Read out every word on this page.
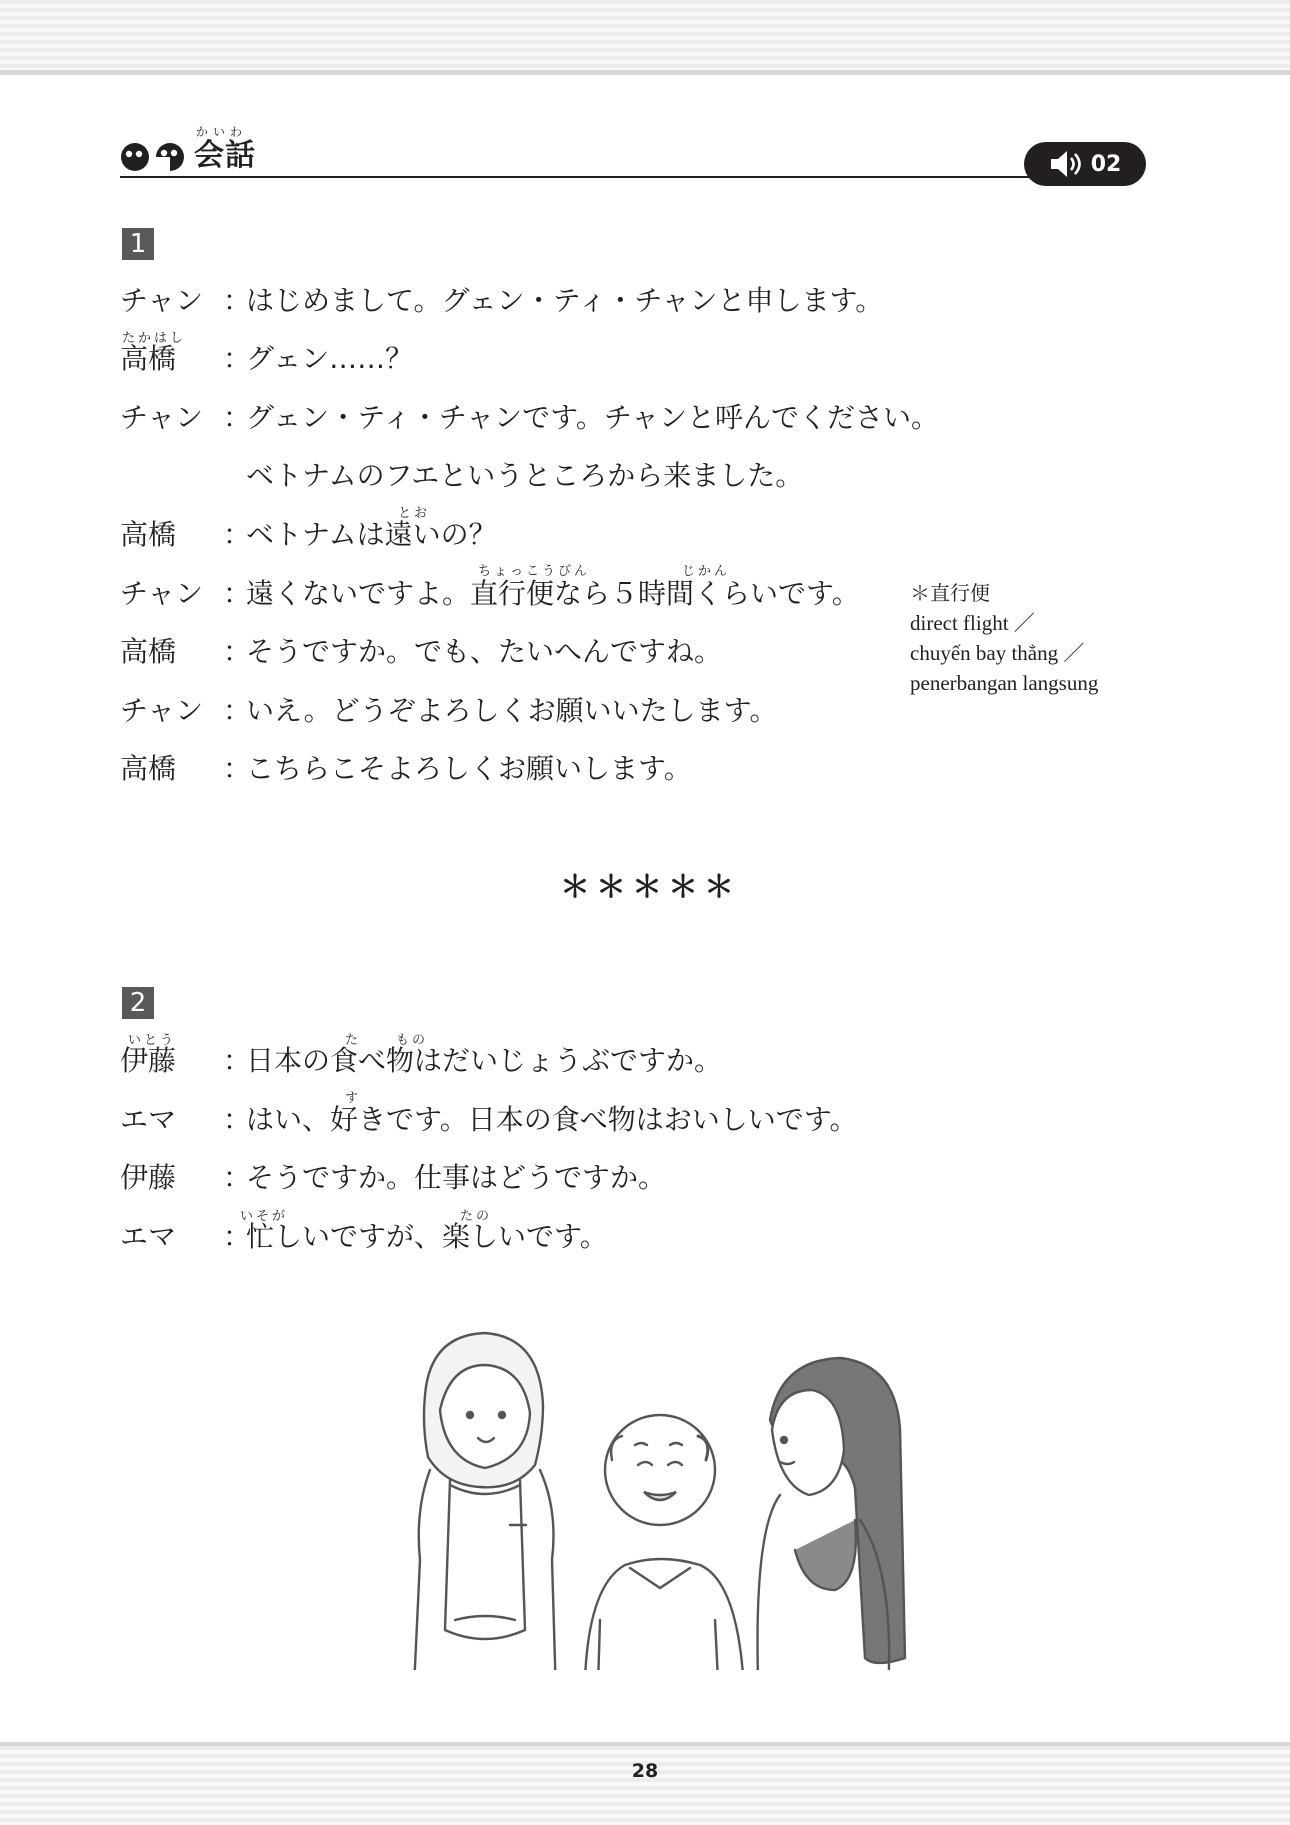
かいわ
会話	02
1
チャン ：
はじめまして。グェン・ティ・チャンと申します。
たかはし
高橋 ：
グェン……？
チャン ：
グェン・ティ・チャンです。チャンと呼んでください。
ベトナムのフエというところから来ました。
とお
高橋 ：
ベトナムは遠いの？
ちょっこうびん	じかん
チャン ：
遠くないですよ。直行便なら５時間くらいです。
高橋 ：
そうですか。でも、たいへんですね。
チャン ：
いえ。どうぞよろしくお願いいたします。
高橋 ：
こちらこそよろしくお願いします。
＊直行便
direct flight ／
chuyến bay thẳng ／
penerbangan langsung
＊＊＊＊＊
2
いとう	た	もの
伊藤 ：
日本の食べ物はだいじょうぶですか。
す
エマ ：
はい、好きです。日本の食べ物はおいしいです。
伊藤 ：
そうですか。仕事はどうですか。
いそが	たの
エマ ：
忙しいですが、楽しいです。
28
